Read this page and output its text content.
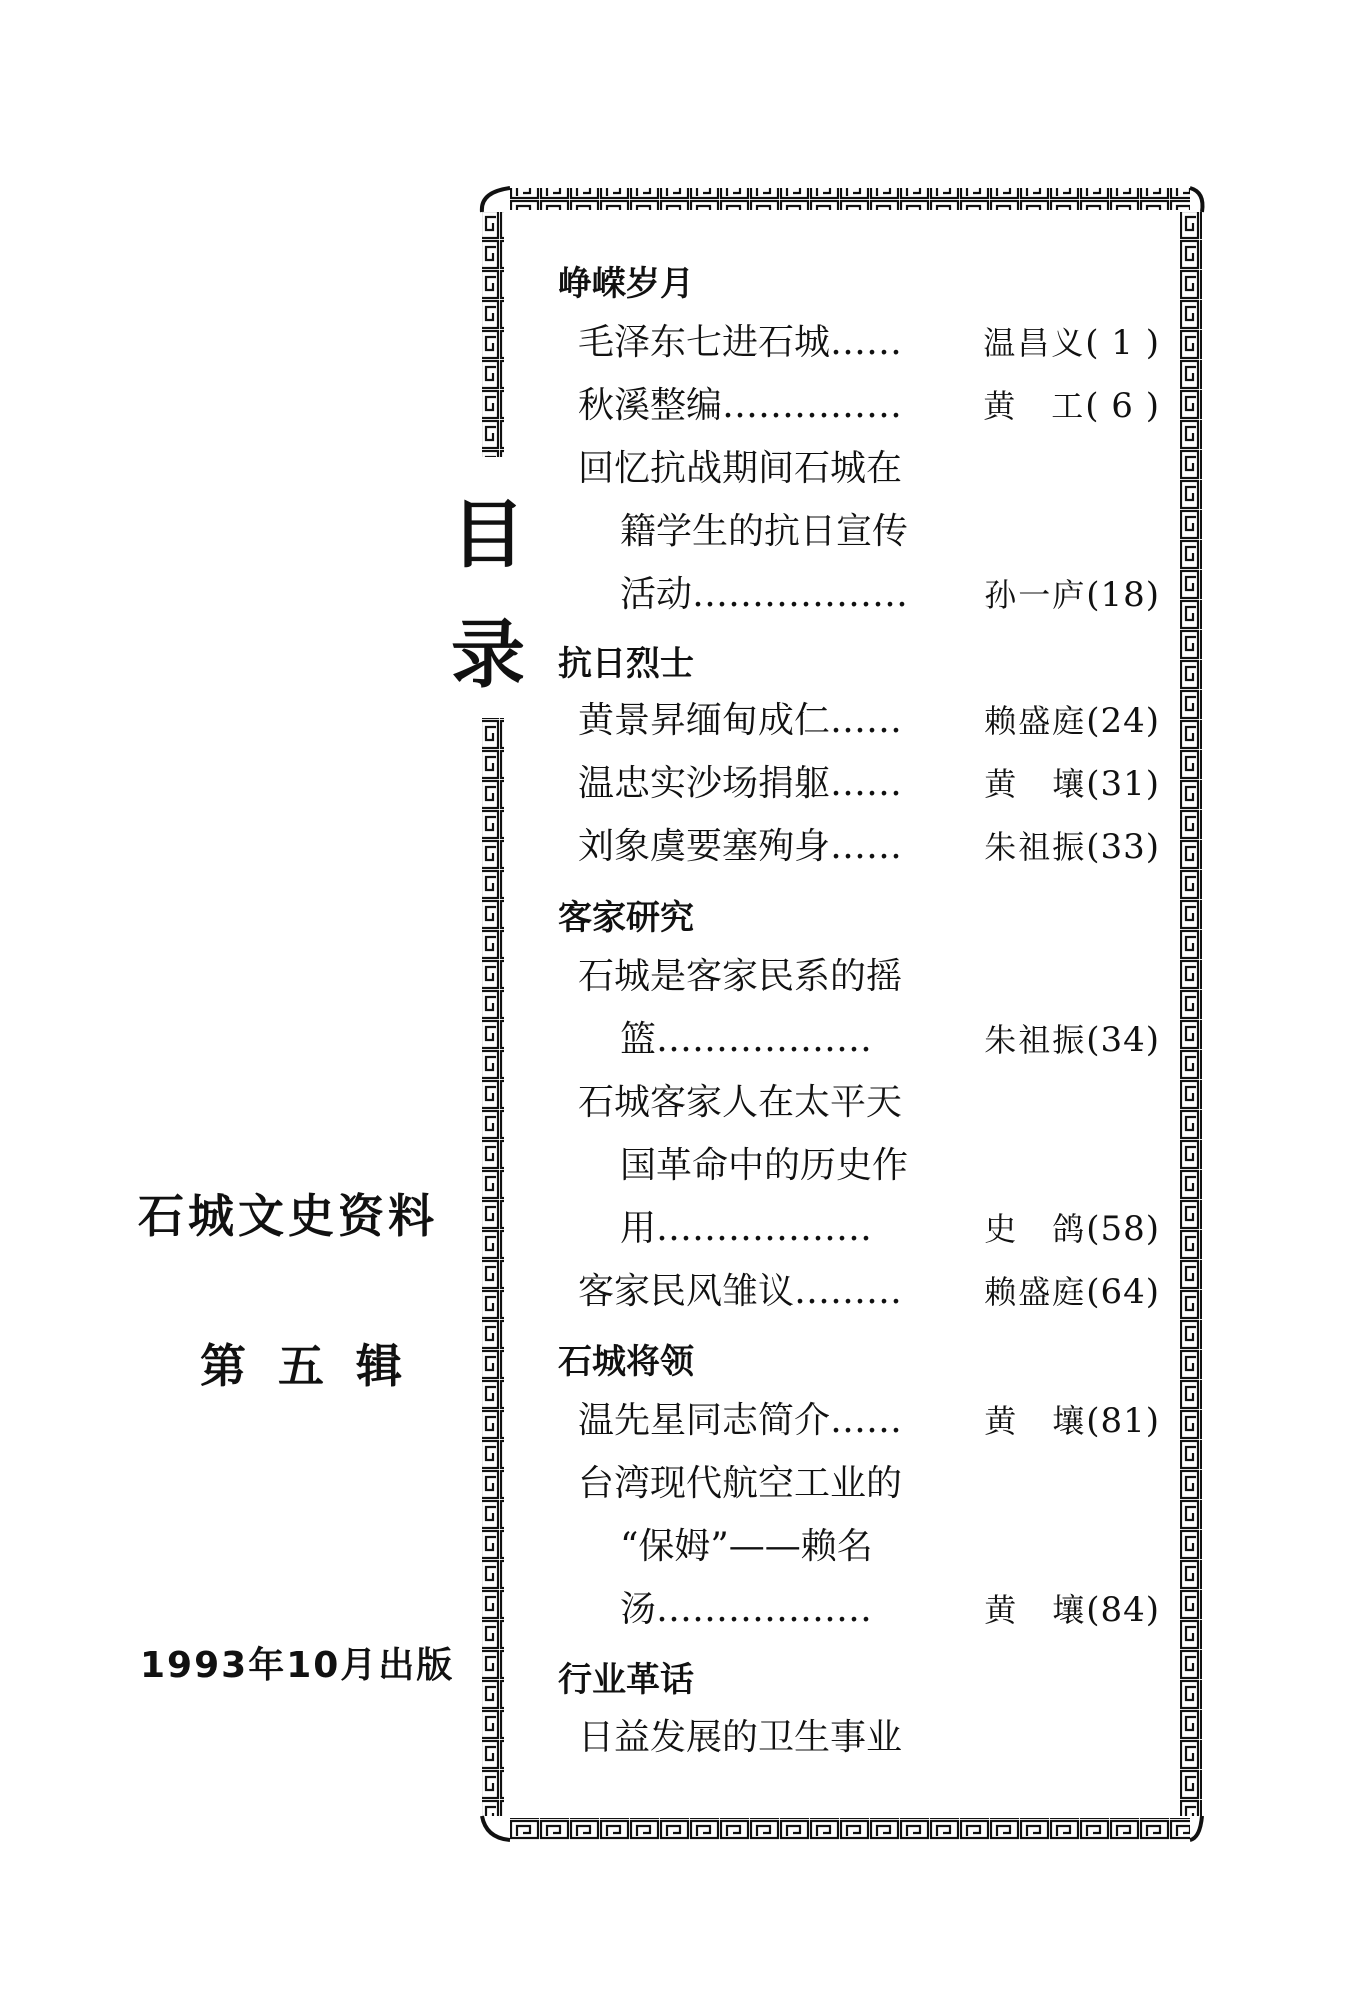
石城文史资料
第五辑
1993年10月出版
目
录
峥嵘岁月
毛泽东七进石城……	温昌义( 1 )
秋溪整编……………	黄　工( 6 )
回忆抗战期间石城在
籍学生的抗日宣传
活动……………… 孙一庐(18)
抗日烈士
黄景昇缅甸成仁……	赖盛庭(24)
温忠实沙场捐躯……	黄　壤(31)
刘象虞要塞殉身……	朱祖振(33)
客家研究
石城是客家民系的摇
篮………………	朱祖振(34)
石城客家人在太平天
国革命中的历史作
用………………	史　鸽(58)
客家民风雏议………	赖盛庭(64)
石城将领
温先星同志简介……	黄　壤(81)
台湾现代航空工业的
“保姆”——赖名
汤………………	黄　壤(84)
行业革话
日益发展的卫生事业
